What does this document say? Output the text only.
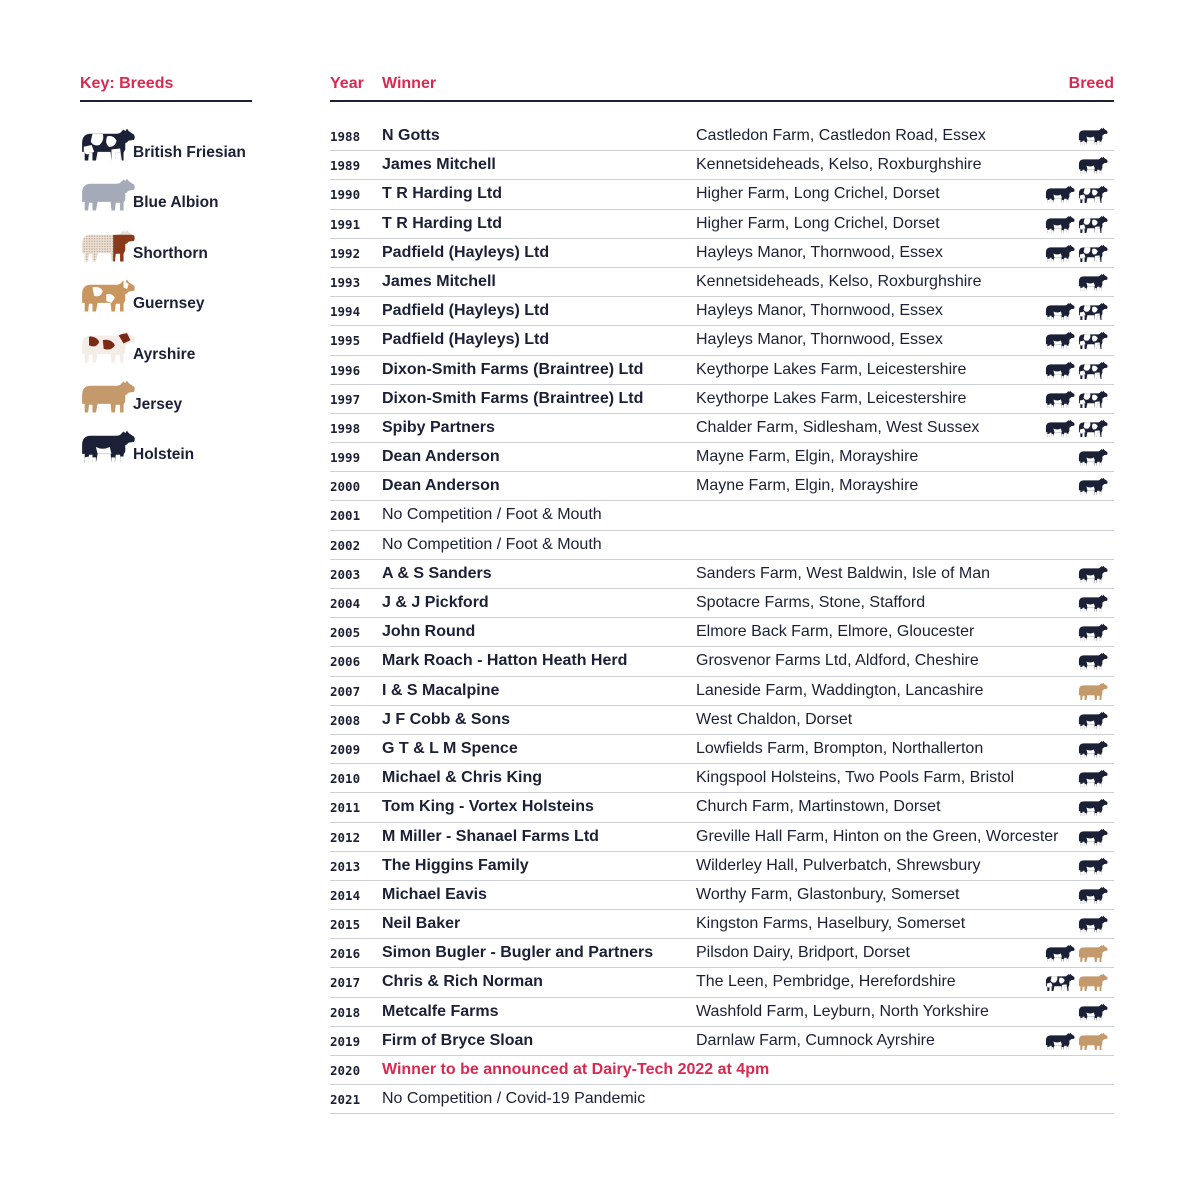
Key: Breeds
British Friesian
Blue Albion
Shorthorn
Guernsey
Ayrshire
Jersey
Holstein
Year Winner	Breed
1988 N Gotts	Castledon Farm, Castledon Road, Essex
1989 James Mitchell	Kennetsideheads, Kelso, Roxburghshire
1990 T R Harding Ltd	Higher Farm, Long Crichel, Dorset
1991 T R Harding Ltd	Higher Farm, Long Crichel, Dorset
1992 Padfield (Hayleys) Ltd	Hayleys Manor, Thornwood, Essex
1993 James Mitchell	Kennetsideheads, Kelso, Roxburghshire
1994 Padfield (Hayleys) Ltd	Hayleys Manor, Thornwood, Essex
1995 Padfield (Hayleys) Ltd	Hayleys Manor, Thornwood, Essex
1996 Dixon-Smith Farms (Braintree) Ltd	Keythorpe Lakes Farm, Leicestershire
1997 Dixon-Smith Farms (Braintree) Ltd	Keythorpe Lakes Farm, Leicestershire
1998 Spiby Partners	Chalder Farm, Sidlesham, West Sussex
1999 Dean Anderson	Mayne Farm, Elgin, Morayshire
2000 Dean Anderson	Mayne Farm, Elgin, Morayshire
2001 No Competition / Foot & Mouth
2002 No Competition / Foot & Mouth
2003 A & S Sanders	Sanders Farm, West Baldwin, Isle of Man
2004 J & J Pickford	Spotacre Farms, Stone, Stafford
2005 John Round	Elmore Back Farm, Elmore, Gloucester
2006 Mark Roach - Hatton Heath Herd	Grosvenor Farms Ltd, Aldford, Cheshire
2007 I & S Macalpine	Laneside Farm, Waddington, Lancashire
2008 J F Cobb & Sons	West Chaldon, Dorset
2009 G T & L M Spence	Lowfields Farm, Brompton, Northallerton
2010 Michael & Chris King	Kingspool Holsteins, Two Pools Farm, Bristol
2011 Tom King - Vortex Holsteins	Church Farm, Martinstown, Dorset
2012 M Miller - Shanael Farms Ltd	Greville Hall Farm, Hinton on the Green, Worcester
2013 The Higgins Family	Wilderley Hall, Pulverbatch, Shrewsbury
2014 Michael Eavis	Worthy Farm, Glastonbury, Somerset
2015 Neil Baker	Kingston Farms, Haselbury, Somerset
2016 Simon Bugler - Bugler and Partners	Pilsdon Dairy, Bridport, Dorset
2017 Chris & Rich Norman	The Leen, Pembridge, Herefordshire
2018 Metcalfe Farms	Washfold Farm, Leyburn, North Yorkshire
2019 Firm of Bryce Sloan	Darnlaw Farm, Cumnock Ayrshire
2020 Winner to be announced at Dairy-Tech 2022 at 4pm
2021 No Competition / Covid-19 Pandemic
